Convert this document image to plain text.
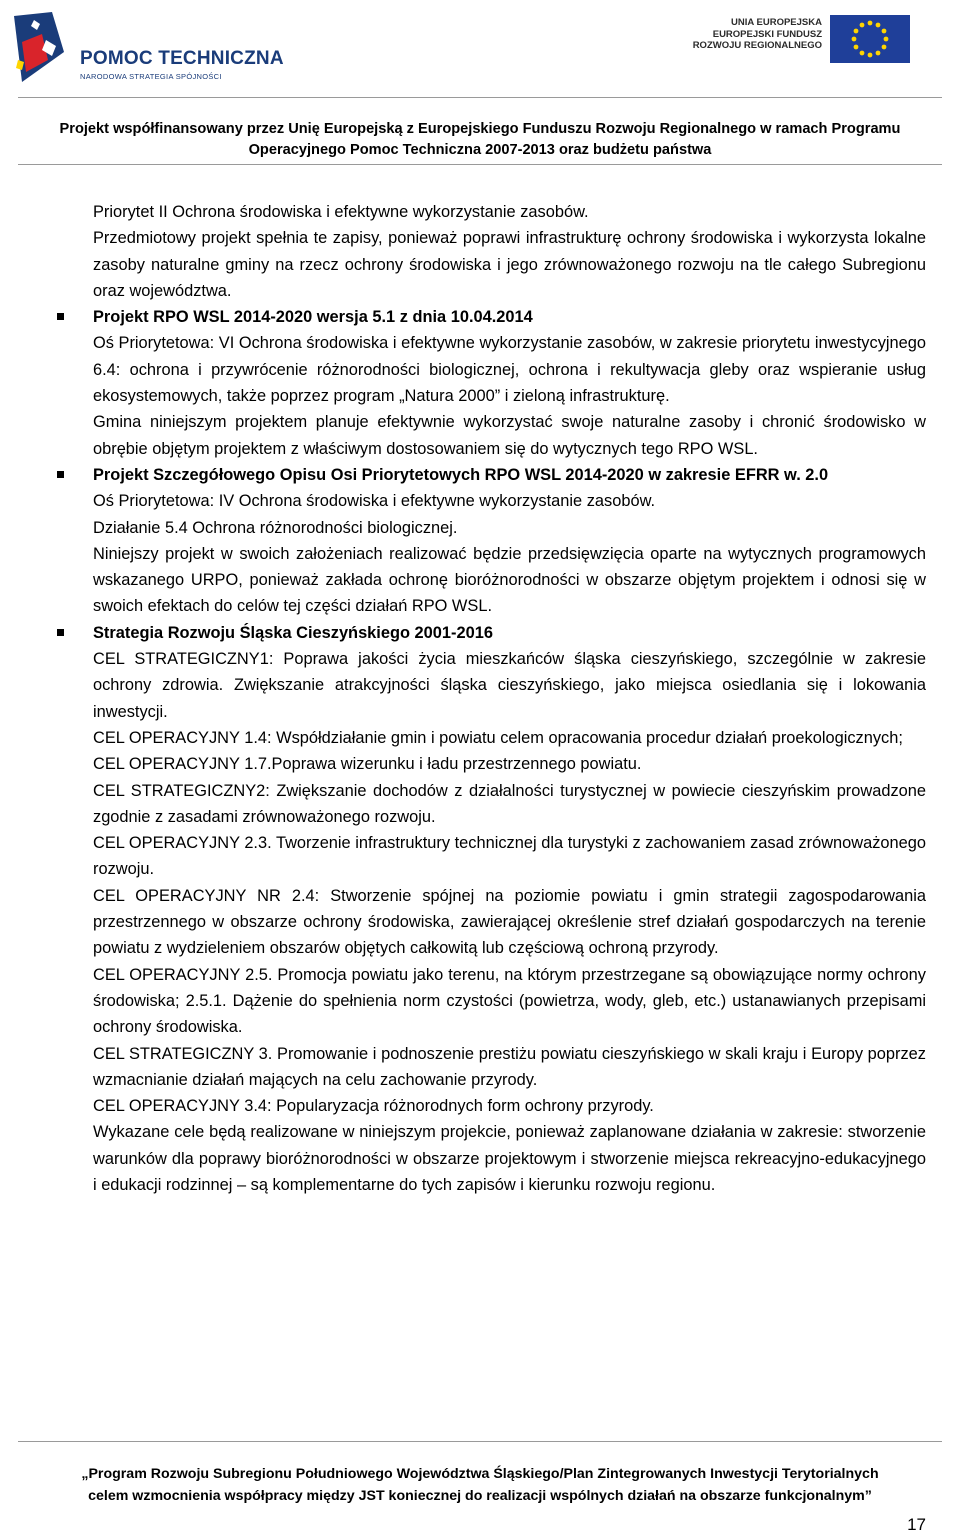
POMOC TECHNICZNA
NARODOWA STRATEGIA SPÓJNOŚCI
UNIA EUROPEJSKA
EUROPEJSKI FUNDUSZ
ROZWOJU REGIONALNEGO
Projekt współfinansowany przez Unię Europejską z Europejskiego Funduszu Rozwoju Regionalnego w ramach Programu
Operacyjnego Pomoc Techniczna 2007-2013 oraz budżetu państwa

Priorytet II Ochrona środowiska i efektywne wykorzystanie zasobów.

Przedmiotowy projekt spełnia te zapisy, ponieważ poprawi infrastrukturę ochrony środowiska i wykorzysta lokalne zasoby naturalne gminy na rzecz ochrony środowiska i jego zrównoważonego rozwoju na tle całego Subregionu oraz województwa.

Projekt RPO WSL 2014-2020 wersja 5.1 z dnia 10.04.2014

Oś Priorytetowa: VI Ochrona środowiska i efektywne wykorzystanie zasobów, w zakresie priorytetu inwestycyjnego 6.4: ochrona i przywrócenie różnorodności biologicznej, ochrona i rekultywacja gleby oraz wspieranie usług ekosystemowych, także poprzez program „Natura 2000” i zieloną infrastrukturę.

Gmina niniejszym projektem planuje efektywnie wykorzystać swoje naturalne zasoby i chronić środowisko w obrębie objętym projektem z właściwym dostosowaniem się do wytycznych tego RPO WSL.

Projekt Szczegółowego Opisu Osi Priorytetowych RPO WSL 2014-2020 w zakresie EFRR w. 2.0

Oś Priorytetowa: IV Ochrona środowiska i efektywne wykorzystanie zasobów.

Działanie 5.4 Ochrona różnorodności biologicznej.

Niniejszy projekt w swoich założeniach realizować będzie przedsięwzięcia oparte na wytycznych programowych wskazanego URPO, ponieważ zakłada ochronę bioróżnorodności w obszarze objętym projektem i odnosi się w swoich efektach do celów tej części działań RPO WSL.

Strategia Rozwoju Śląska Cieszyńskiego 2001-2016

CEL STRATEGICZNY1: Poprawa jakości życia mieszkańców śląska cieszyńskiego, szczególnie w zakresie ochrony zdrowia. Zwiększanie atrakcyjności śląska cieszyńskiego, jako miejsca osiedlania się i lokowania inwestycji.

CEL OPERACYJNY 1.4: Współdziałanie gmin i powiatu celem opracowania procedur działań proekologicznych;

CEL OPERACYJNY 1.7.Poprawa wizerunku i ładu przestrzennego powiatu.

CEL STRATEGICZNY2: Zwiększanie dochodów z działalności turystycznej w powiecie cieszyńskim prowadzone zgodnie z zasadami zrównoważonego rozwoju.

CEL OPERACYJNY 2.3. Tworzenie infrastruktury technicznej dla turystyki z zachowaniem zasad zrównoważonego rozwoju.

CEL OPERACYJNY NR 2.4: Stworzenie spójnej na poziomie powiatu i gmin strategii zagospodarowania przestrzennego w obszarze ochrony środowiska, zawierającej określenie stref działań gospodarczych na terenie powiatu z wydzieleniem obszarów objętych całkowitą lub częściową ochroną przyrody.

CEL OPERACYJNY 2.5. Promocja powiatu jako terenu, na którym przestrzegane są obowiązujące normy ochrony środowiska; 2.5.1. Dążenie do spełnienia norm czystości (powietrza, wody, gleb, etc.) ustanawianych przepisami ochrony środowiska.

CEL STRATEGICZNY 3. Promowanie i podnoszenie prestiżu powiatu cieszyńskiego w skali kraju i Europy poprzez wzmacnianie działań mających na celu zachowanie przyrody.

CEL OPERACYJNY 3.4: Popularyzacja różnorodnych form ochrony przyrody.

Wykazane cele będą realizowane w niniejszym projekcie, ponieważ zaplanowane działania w zakresie: stworzenie warunków dla poprawy bioróżnorodności w obszarze projektowym i stworzenie miejsca rekreacyjno-edukacyjnego i edukacji rodzinnej – są komplementarne do tych zapisów i kierunku rozwoju regionu.

„Program Rozwoju Subregionu Południowego Województwa Śląskiego/Plan Zintegrowanych Inwestycji Terytorialnych
celem wzmocnienia współpracy między JST koniecznej do realizacji wspólnych działań na obszarze funkcjonalnym”
17
